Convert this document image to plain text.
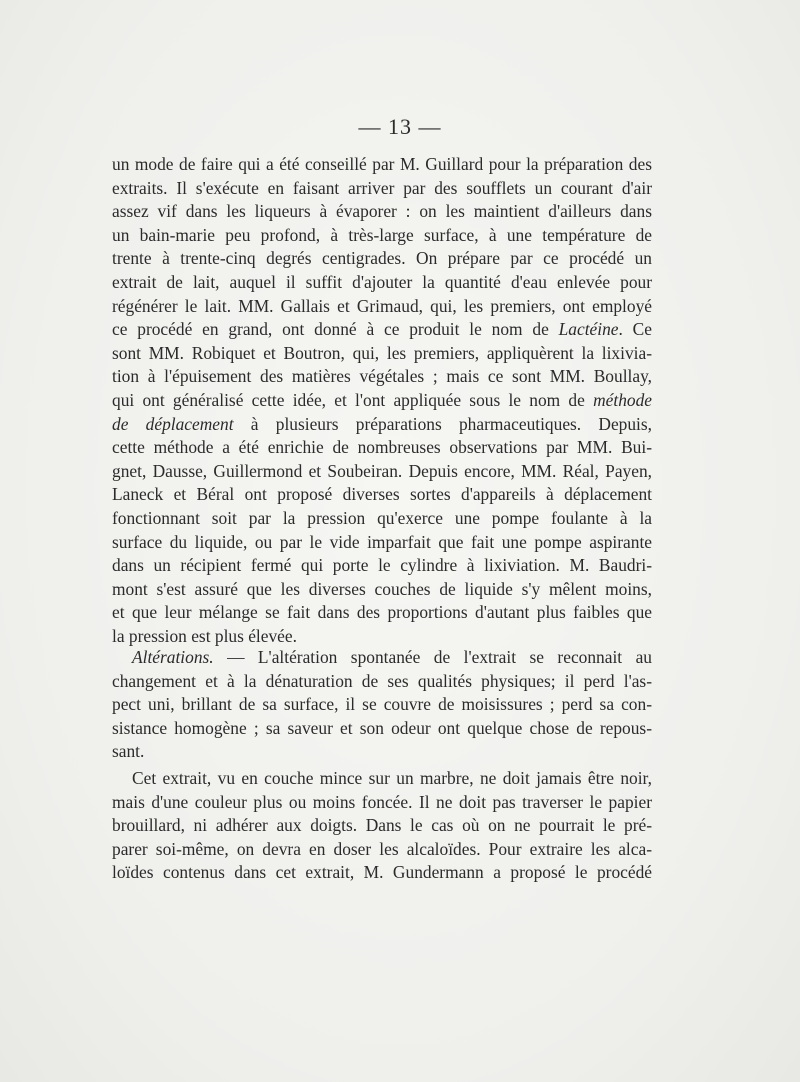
— 13 —
un mode de faire qui a été conseillé par M. Guillard pour la préparation des
extraits. Il s'exécute en faisant arriver par des soufflets un courant d'air
assez vif dans les liqueurs à évaporer : on les maintient d'ailleurs dans
un bain-marie peu profond, à très-large surface, à une température de
trente à trente-cinq degrés centigrades. On prépare par ce procédé un
extrait de lait, auquel il suffit d'ajouter la quantité d'eau enlevée pour
régénérer le lait. MM. Gallais et Grimaud, qui, les premiers, ont employé
ce procédé en grand, ont donné à ce produit le nom de Lactéine. Ce
sont MM. Robiquet et Boutron, qui, les premiers, appliquèrent la lixivia-
tion à l'épuisement des matières végétales ; mais ce sont MM. Boullay,
qui ont généralisé cette idée, et l'ont appliquée sous le nom de méthode
de déplacement à plusieurs préparations pharmaceutiques. Depuis,
cette méthode a été enrichie de nombreuses observations par MM. Bui-
gnet, Dausse, Guillermond et Soubeiran. Depuis encore, MM. Réal, Payen,
Laneck et Béral ont proposé diverses sortes d'appareils à déplacement
fonctionnant soit par la pression qu'exerce une pompe foulante à la
surface du liquide, ou par le vide imparfait que fait une pompe aspirante
dans un récipient fermé qui porte le cylindre à lixiviation. M. Baudri-
mont s'est assuré que les diverses couches de liquide s'y mêlent moins,
et que leur mélange se fait dans des proportions d'autant plus faibles que
la pression est plus élevée.
Altérations. — L'altération spontanée de l'extrait se reconnait au
changement et à la dénaturation de ses qualités physiques; il perd l'as-
pect uni, brillant de sa surface, il se couvre de moisissures ; perd sa con-
sistance homogène ; sa saveur et son odeur ont quelque chose de repous-
sant.
Cet extrait, vu en couche mince sur un marbre, ne doit jamais être noir,
mais d'une couleur plus ou moins foncée. Il ne doit pas traverser le papier
brouillard, ni adhérer aux doigts. Dans le cas où on ne pourrait le pré-
parer soi-même, on devra en doser les alcaloïdes. Pour extraire les alca-
loïdes contenus dans cet extrait, M. Gundermann a proposé le procédé
